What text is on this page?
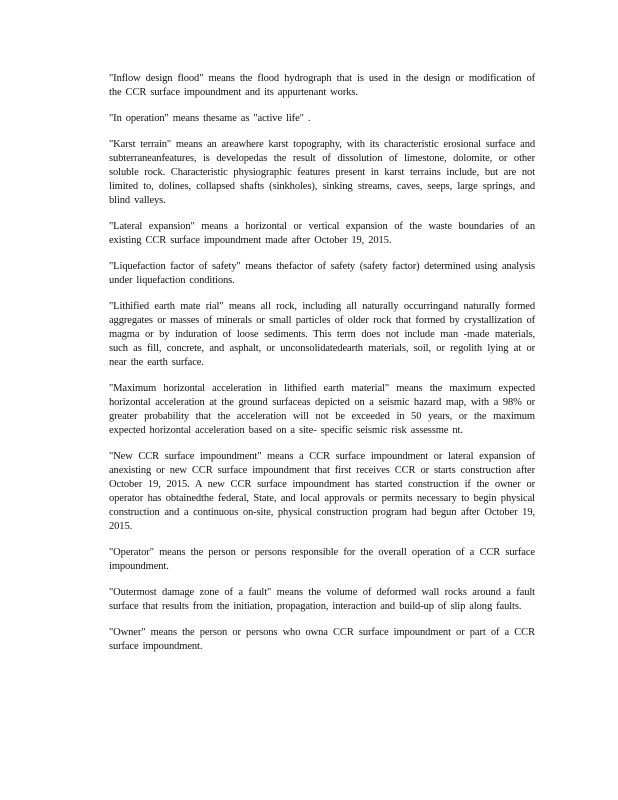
"Inflow design flood" means the flood hydrograph that is used in the design or modification of the CCR surface impoundment and its appurtenant works.

"In operation" means thesame as "active life" .

"Karst terrain" means an areawhere karst topography, with its characteristic erosional surface and subterraneanfeatures, is developedas the result of dissolution of limestone, dolomite, or other soluble rock. Characteristic physiographic features present in karst terrains include, but are not limited to, dolines, collapsed shafts (sinkholes), sinking streams, caves, seeps, large springs, and blind valleys.

"Lateral expansion" means a horizontal or vertical expansion of the waste boundaries of an existing CCR surface impoundment made after October 19, 2015.

"Liquefaction factor of safety" means thefactor of safety (safety factor) determined using analysis under liquefaction conditions.

"Lithified earth mate rial" means all rock, including all naturally occurringand naturally formed aggregates or masses of minerals or small particles of older rock that formed by crystallization of magma or by induration of loose sediments. This term does not include man -made materials, such as fill, concrete, and asphalt, or unconsolidatedearth materials, soil, or regolith lying at or near the earth surface.

"Maximum horizontal acceleration in lithified earth material" means the maximum expected horizontal acceleration at the ground surfaceas depicted on a seismic hazard map, with a 98% or greater probability that the acceleration will not be exceeded in 50 years, or the maximum expected horizontal acceleration based on a site- specific seismic risk assessme nt.

"New CCR surface impoundment" means a CCR surface impoundment or lateral expansion of anexisting or new CCR surface impoundment that first receives CCR or starts construction after October 19, 2015. A new CCR surface impoundment has started construction if the owner or operator has obtainedthe federal, State, and local approvals or permits necessary to begin physical construction and a continuous on-site, physical construction program had begun after October 19, 2015.

"Operator" means the person or persons responsible for the overall operation of a CCR surface impoundment.

"Outermost damage zone of a fault" means the volume of deformed wall rocks around a fault surface that results from the initiation, propagation, interaction and build-up of slip along faults.

"Owner" means the person or persons who owna CCR surface impoundment or part of a CCR surface impoundment.
